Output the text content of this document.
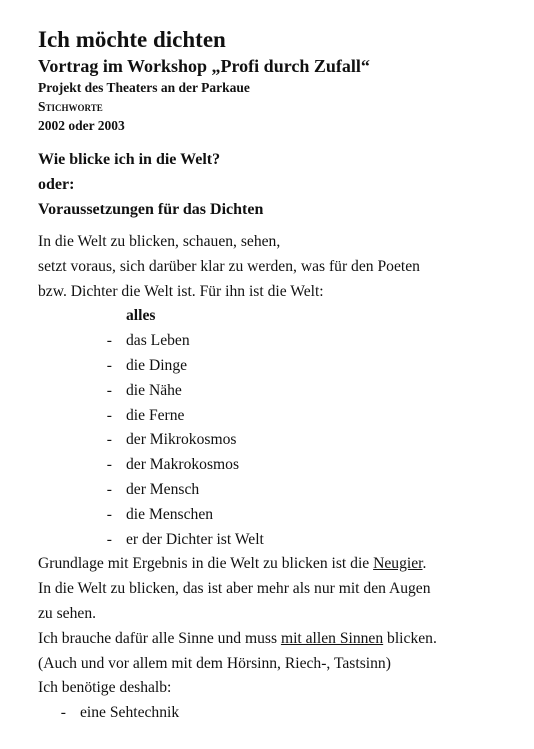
Ich möchte dichten
Vortrag im Workshop „Profi durch Zufall“

Projekt des Theaters an der Parkaue

Stichworte

2002 oder 2003

Wie blicke ich in die Welt?
oder:
Voraussetzungen für das Dichten
In die Welt zu blicken, schauen, sehen,
setzt voraus, sich darüber klar zu werden, was für den Poeten
bzw. Dichter die Welt ist. Für ihn ist die Welt:
alles
- das Leben
- die Dinge
- die Nähe
- die Ferne
- der Mikrokosmos
- der Makrokosmos
- der Mensch
- die Menschen
- er der Dichter ist Welt
Grundlage mit Ergebnis in die Welt zu blicken ist die Neugier.
In die Welt zu blicken, das ist aber mehr als nur mit den Augen
zu sehen.
Ich brauche dafür alle Sinne und muss mit allen Sinnen blicken.
(Auch und vor allem mit dem Hörsinn, Riech-, Tastsinn)
Ich benötige deshalb:
- eine Sehtechnik
